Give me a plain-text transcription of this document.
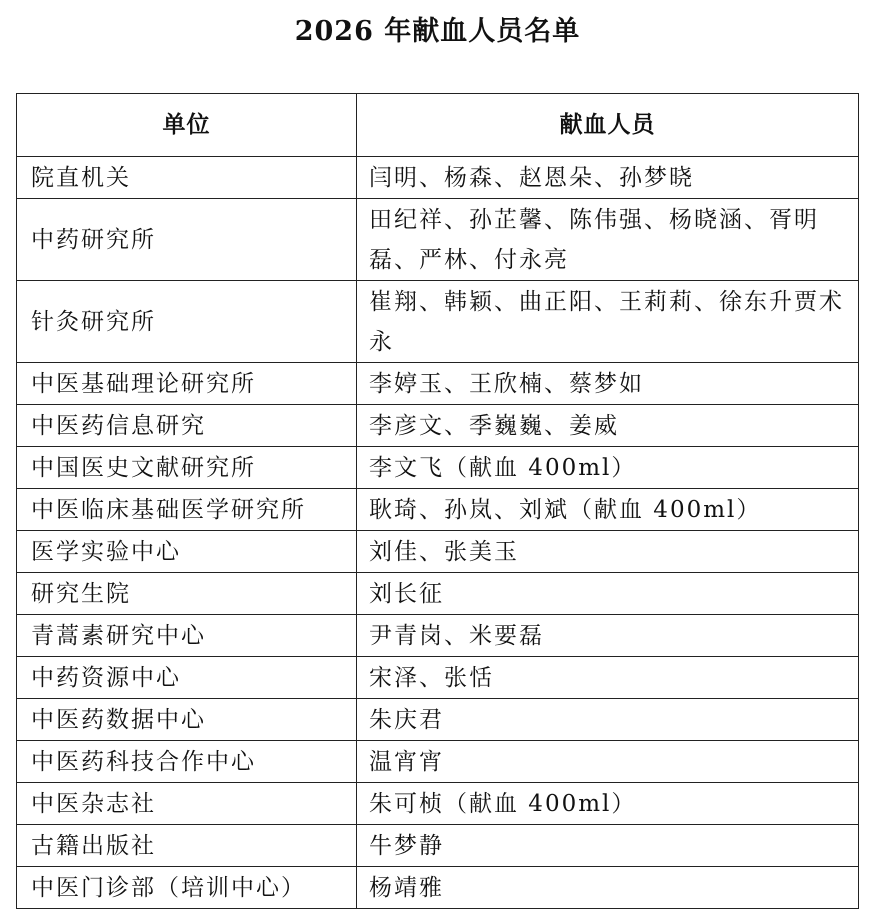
2026 年献血人员名单
单位	献血人员
院直机关	闫明、杨森、赵恩朵、孙梦晓
中药研究所	田纪祥、孙芷馨、陈伟强、杨晓涵、胥明磊、严林、付永亮
针灸研究所	崔翔、韩颖、曲正阳、王莉莉、徐东升贾术永
中医基础理论研究所	李婷玉、王欣楠、蔡梦如
中医药信息研究	李彦文、季巍巍、姜威
中国医史文献研究所	李文飞（献血 400ml）
中医临床基础医学研究所	耿琦、孙岚、刘斌（献血 400ml）
医学实验中心	刘佳、张美玉
研究生院	刘长征
青蒿素研究中心	尹青岗、米要磊
中药资源中心	宋泽、张恬
中医药数据中心	朱庆君
中医药科技合作中心	温宵宵
中医杂志社	朱可桢（献血 400ml）
古籍出版社	牛梦静
中医门诊部（培训中心）	杨靖雅
